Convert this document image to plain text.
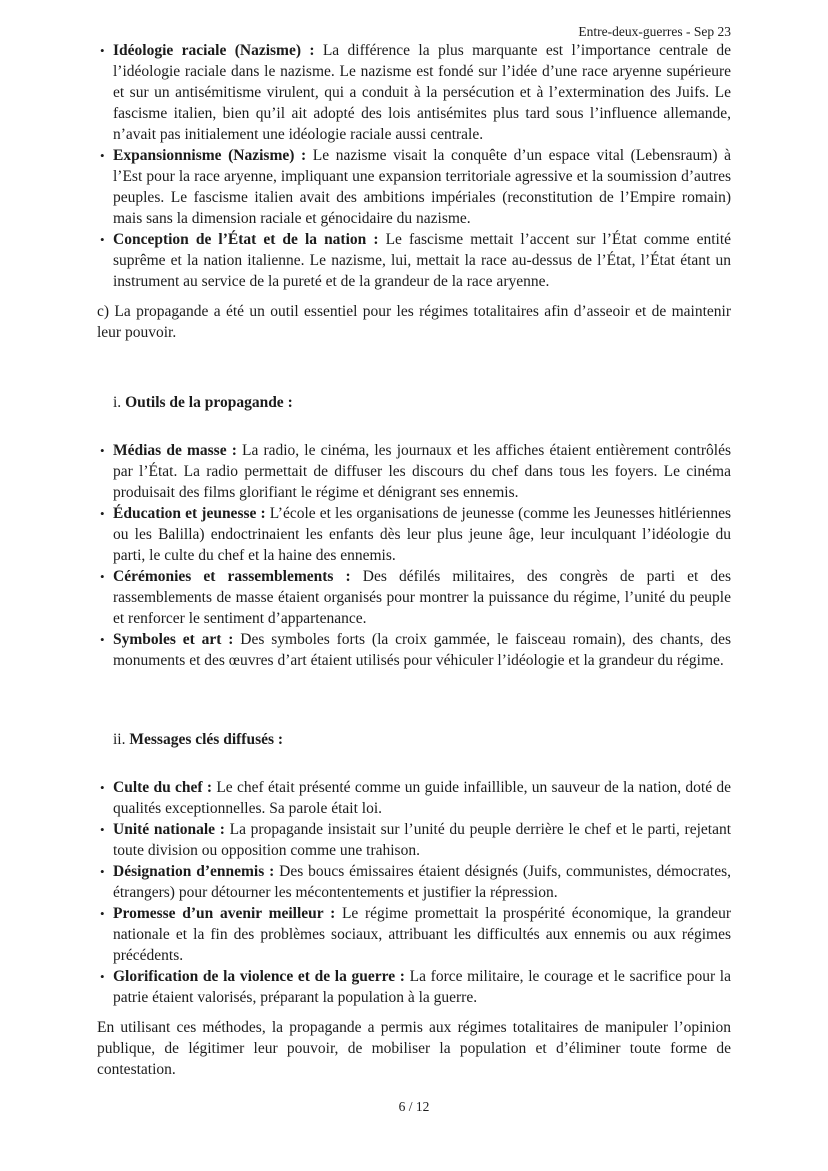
Entre-deux-guerres - Sep 23
• Idéologie raciale (Nazisme) : La différence la plus marquante est l’importance centrale de l’idéologie raciale dans le nazisme. Le nazisme est fondé sur l’idée d’une race aryenne supérieure et sur un antisémitisme virulent, qui a conduit à la persécution et à l’extermination des Juifs. Le fascisme italien, bien qu’il ait adopté des lois antisémites plus tard sous l’influence allemande, n’avait pas initialement une idéologie raciale aussi centrale.
• Expansionnisme (Nazisme) : Le nazisme visait la conquête d’un espace vital (Lebensraum) à l’Est pour la race aryenne, impliquant une expansion territoriale agressive et la soumission d’autres peuples. Le fascisme italien avait des ambitions impériales (reconstitution de l’Empire romain) mais sans la dimension raciale et génocidaire du nazisme.
• Conception de l’État et de la nation : Le fascisme mettait l’accent sur l’État comme entité suprême et la nation italienne. Le nazisme, lui, mettait la race au-dessus de l’État, l’État étant un instrument au service de la pureté et de la grandeur de la race aryenne.

c) La propagande a été un outil essentiel pour les régimes totalitaires afin d’asseoir et de maintenir leur pouvoir.

i. Outils de la propagande :
• Médias de masse : La radio, le cinéma, les journaux et les affiches étaient entièrement contrôlés par l’État. La radio permettait de diffuser les discours du chef dans tous les foyers. Le cinéma produisait des films glorifiant le régime et dénigrant ses ennemis.
• Éducation et jeunesse : L’école et les organisations de jeunesse (comme les Jeunesses hitlériennes ou les Balilla) endoctrinaient les enfants dès leur plus jeune âge, leur inculquant l’idéologie du parti, le culte du chef et la haine des ennemis.
• Cérémonies et rassemblements : Des défilés militaires, des congrès de parti et des rassemblements de masse étaient organisés pour montrer la puissance du régime, l’unité du peuple et renforcer le sentiment d’appartenance.
• Symboles et art : Des symboles forts (la croix gammée, le faisceau romain), des chants, des monuments et des œuvres d’art étaient utilisés pour véhiculer l’idéologie et la grandeur du régime.
ii. Messages clés diffusés :
• Culte du chef : Le chef était présenté comme un guide infaillible, un sauveur de la nation, doté de qualités exceptionnelles. Sa parole était loi.
• Unité nationale : La propagande insistait sur l’unité du peuple derrière le chef et le parti, rejetant toute division ou opposition comme une trahison.
• Désignation d’ennemis : Des boucs émissaires étaient désignés (Juifs, communistes, démocrates, étrangers) pour détourner les mécontentements et justifier la répression.
• Promesse d’un avenir meilleur : Le régime promettait la prospérité économique, la grandeur nationale et la fin des problèmes sociaux, attribuant les difficultés aux ennemis ou aux régimes précédents.
• Glorification de la violence et de la guerre : La force militaire, le courage et le sacrifice pour la patrie étaient valorisés, préparant la population à la guerre.

En utilisant ces méthodes, la propagande a permis aux régimes totalitaires de manipuler l’opinion publique, de légitimer leur pouvoir, de mobiliser la population et d’éliminer toute forme de contestation.

6 / 12
